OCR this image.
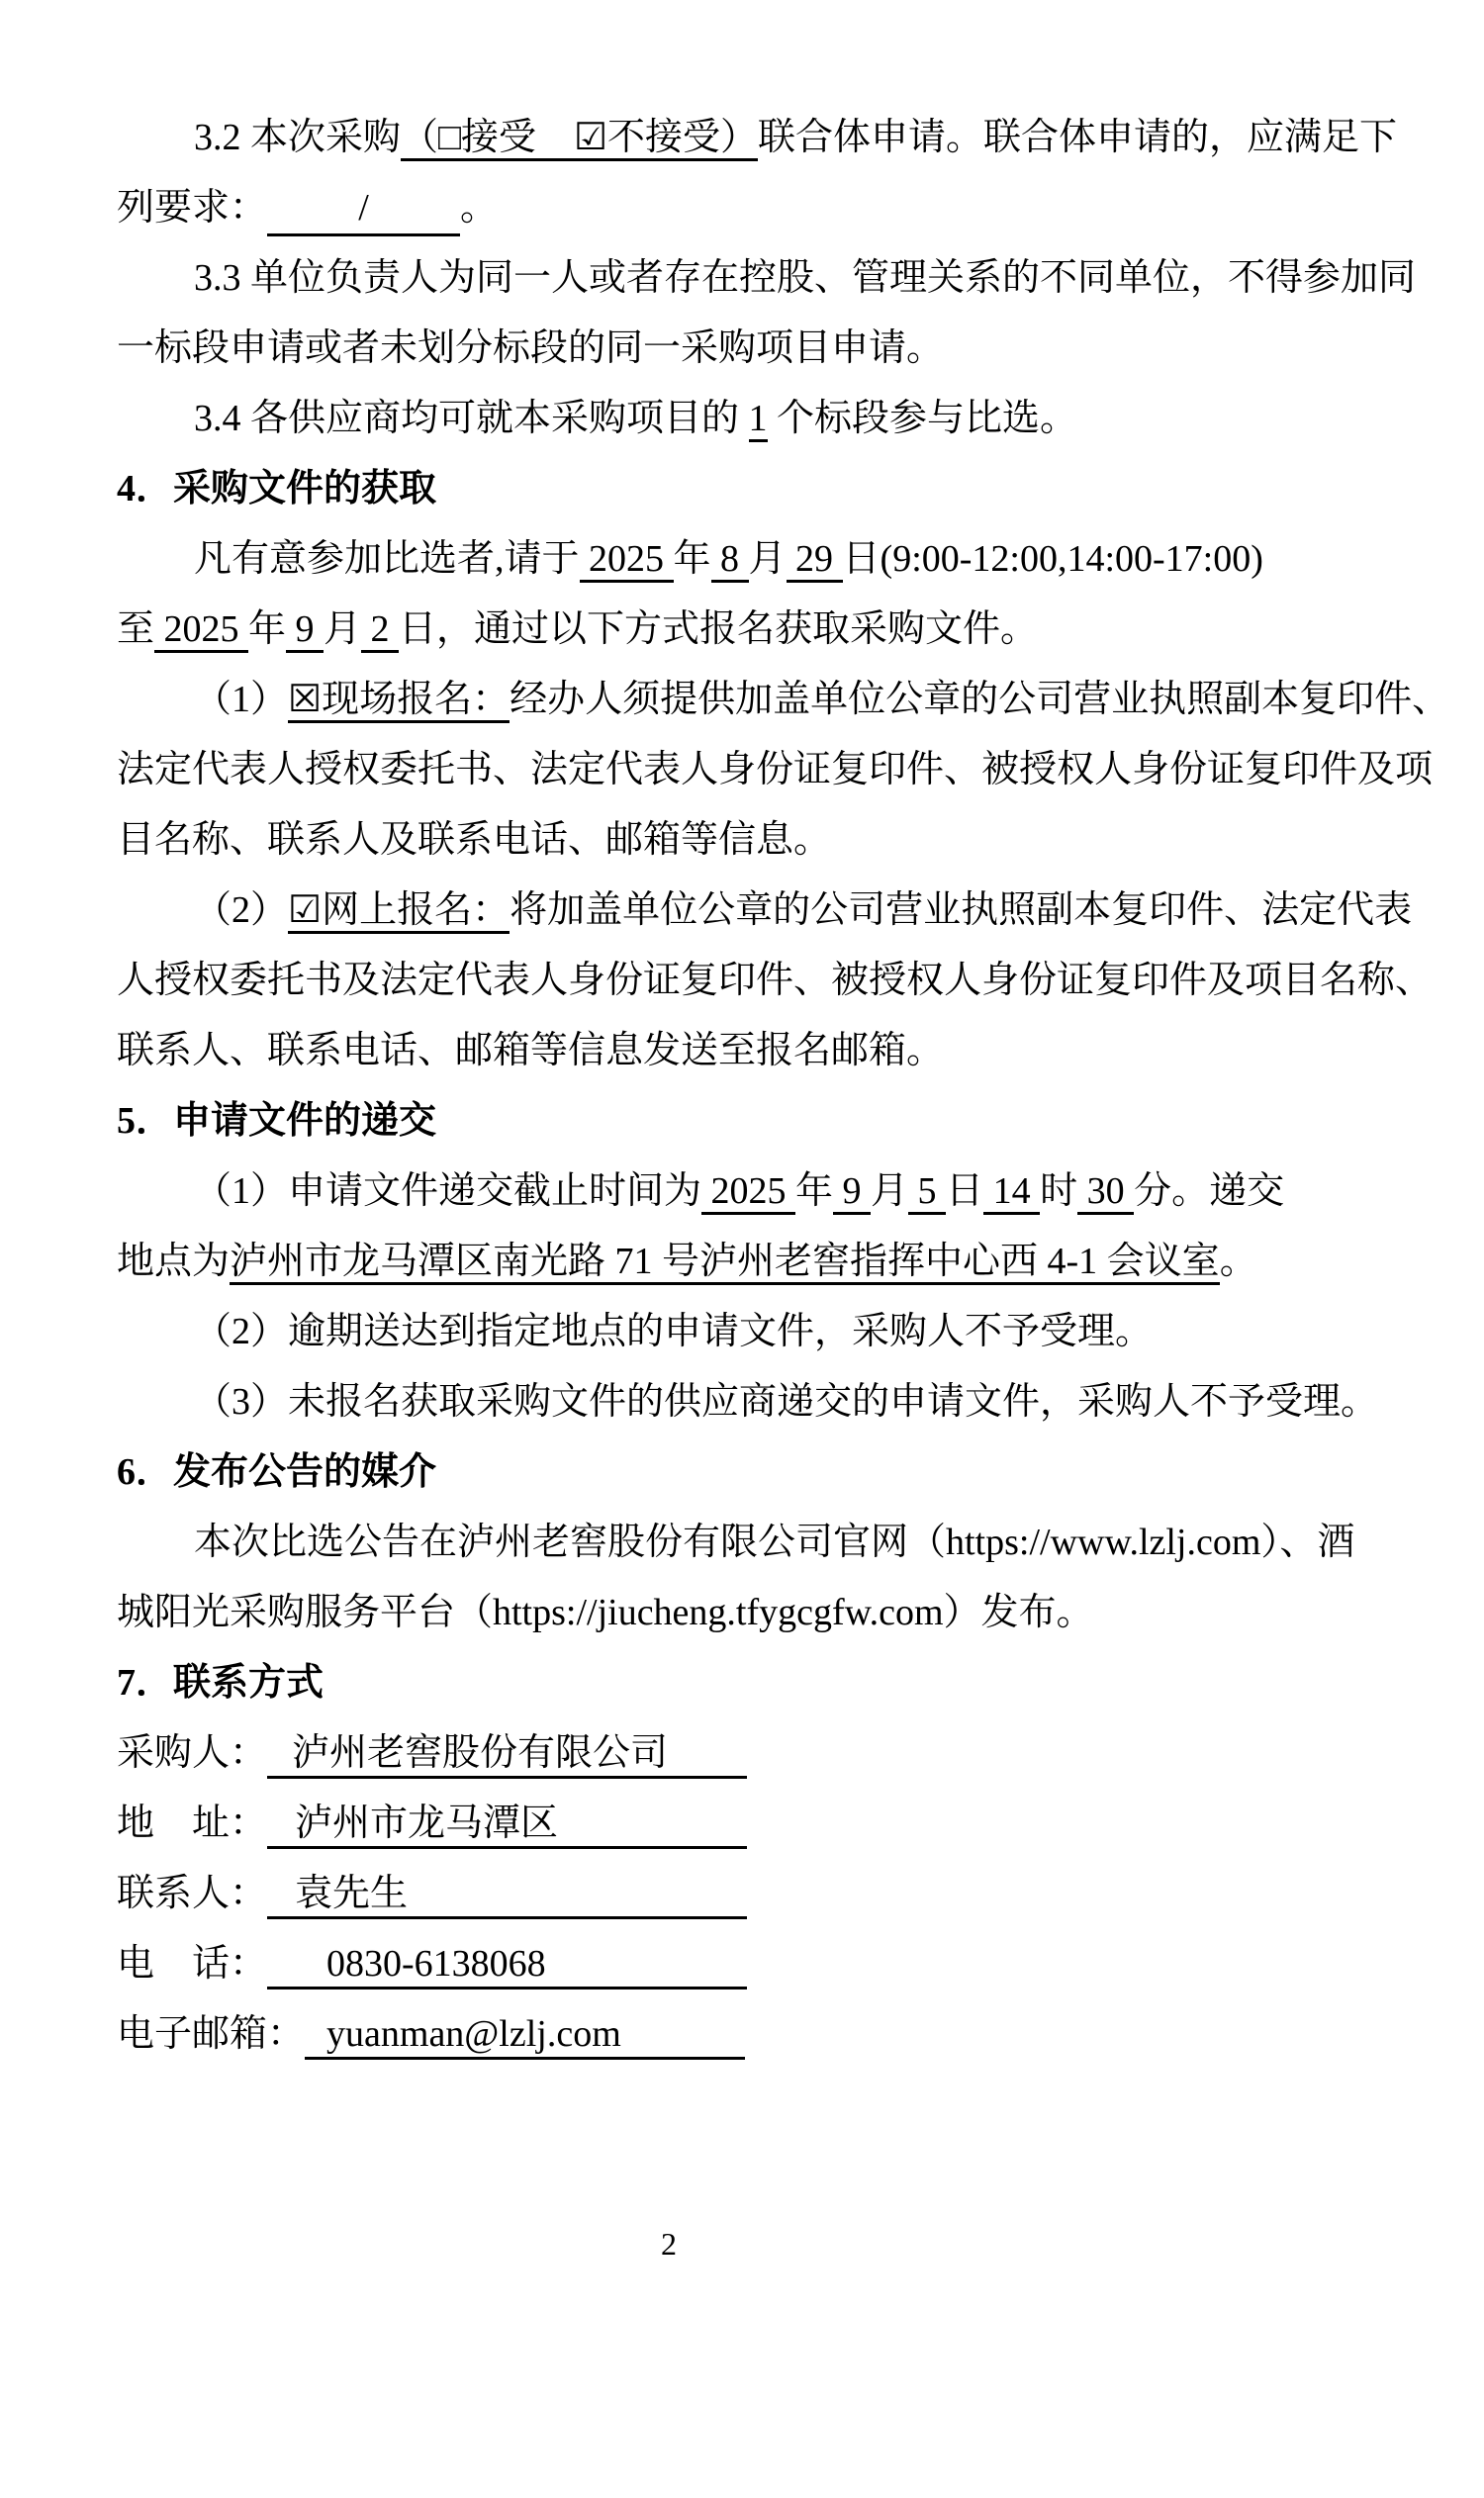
3.2 本次采购（□接受　☑不接受）联合体申请。联合体申请的，应满足下
列要求： / 。
3.3 单位负责人为同一人或者存在控股、管理关系的不同单位，不得参加同
一标段申请或者未划分标段的同一采购项目申请。
3.4 各供应商均可就本采购项目的 1 个标段参与比选。
4．采购文件的获取
凡有意参加比选者,请于 2025 年 8 月 29 日(9:00-12:00,14:00-17:00)
至 2025 年 9 月 2 日，通过以下方式报名获取采购文件。
（1）☒现场报名：经办人须提供加盖单位公章的公司营业执照副本复印件、
法定代表人授权委托书、法定代表人身份证复印件、被授权人身份证复印件及项
目名称、联系人及联系电话、邮箱等信息。
（2）☑网上报名：将加盖单位公章的公司营业执照副本复印件、法定代表
人授权委托书及法定代表人身份证复印件、被授权人身份证复印件及项目名称、
联系人、联系电话、邮箱等信息发送至报名邮箱。
5．申请文件的递交
（1）申请文件递交截止时间为 2025 年 9 月 5 日 14 时 30 分。递交
地点为泸州市龙马潭区南光路 71 号泸州老窖指挥中心西 4-1 会议室。
（2）逾期送达到指定地点的申请文件，采购人不予受理。
（3）未报名获取采购文件的供应商递交的申请文件，采购人不予受理。
6．发布公告的媒介
本次比选公告在泸州老窖股份有限公司官网（https://www.lzlj.com）、酒
城阳光采购服务平台（https://jiucheng.tfygcgfw.com）发布。
7．联系方式
采购人： 泸州老窖股份有限公司
地　址： 泸州市龙马潭区
联系人： 袁先生
电　话： 0830-6138068
电子邮箱： yuanman@lzlj.com
2
